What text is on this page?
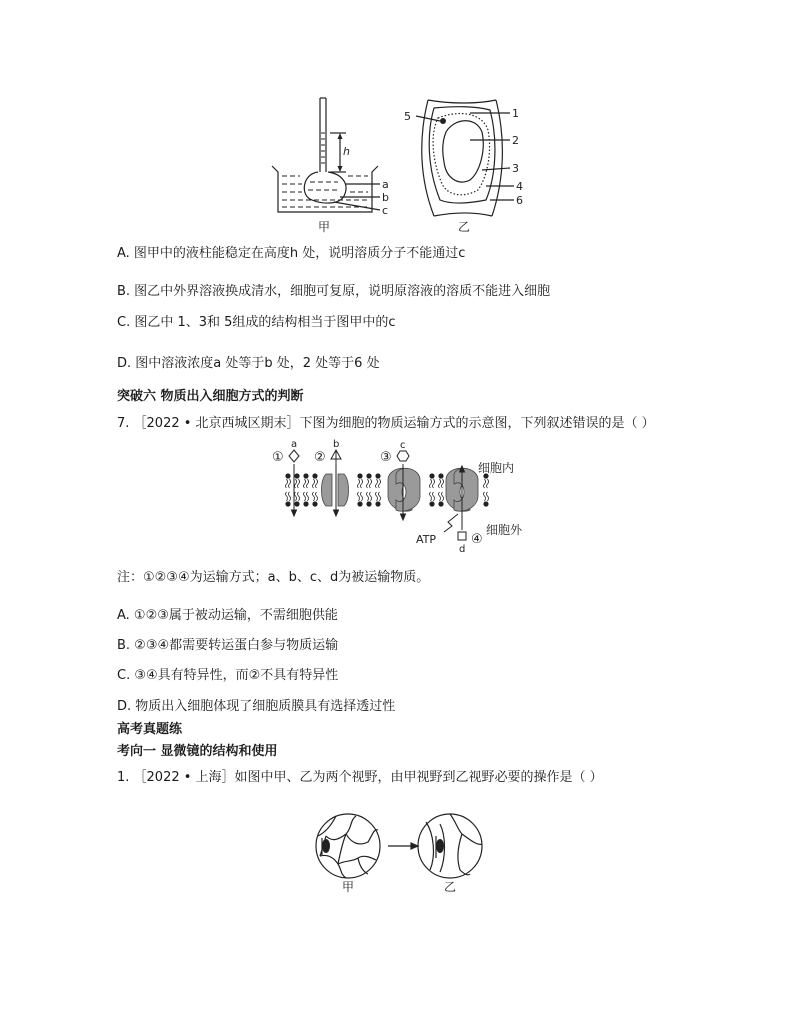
h
a
b
c
甲
5	1
2
3
4
6
乙
A. 图甲中的液柱能稳定在高度h 处，说明溶质分子不能通过c
B. 图乙中外界溶液换成清水，细胞可复原，说明原溶液的溶质不能进入细胞
C. 图乙中 1、3和 5组成的结构相当于图甲中的c
D. 图中溶液浓度a 处等于b 处，2 处等于6 处
突破六 物质出入细胞方式的判断
7. ［2022 • 北京西城区期末］下图为细胞的物质运输方式的示意图，下列叙述错误的是（ ）
① ②	③
④
a	b	c
d
细胞内
细胞外
ATP
注：①②③④为运输方式；a、b、c、d为被运输物质。
A. ①②③属于被动运输，不需细胞供能
B. ②③④都需要转运蛋白参与物质运输
C. ③④具有特异性，而②不具有特异性
D. 物质出入细胞体现了细胞质膜具有选择透过性
高考真题练
考向一 显微镜的结构和使用
1. ［2022 • 上海］如图中甲、乙为两个视野，由甲视野到乙视野必要的操作是（ ）
甲	乙
